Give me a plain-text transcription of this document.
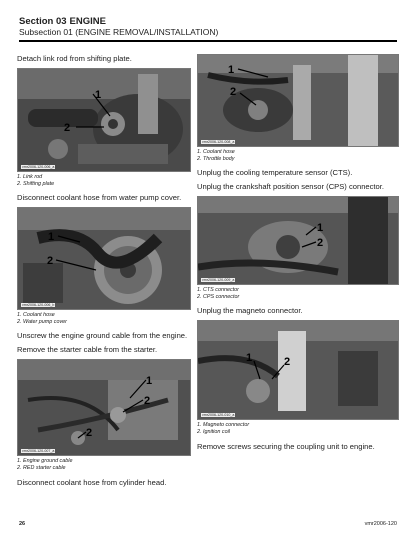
Section 03 ENGINE
Subsection 01 (ENGINE REMOVAL/INSTALLATION)

Detach link rod from shifting plate.

1
2
vmr2006-120-006_a
1. Link rod
2. Shifting plate

Disconnect coolant hose from water pump cover.

1
2
vmr2006-120-006_b
1. Coolant hose
2. Water pump cover

Unscrew the engine ground cable from the engine.

Remove the starter cable from the starter.

1
2
2
vmr2006-120-007_a
1. Engine ground cable
2. RED starter cable

Disconnect coolant hose from cylinder head.

1
2
vmr2006-120-008_a
1. Coolant hose
2. Throttle body

Unplug the cooling temperature sensor (CTS).

Unplug the crankshaft position sensor (CPS) connector.

1
2
vmr2006-120-009_a
1. CTS connector
2. CPS connector

Unplug the magneto connector.

1	2
vmr2006-120-010_a
1. Magneto connector
2. Ignition coil

Remove screws securing the coupling unit to engine.

26	vmr2006-120
